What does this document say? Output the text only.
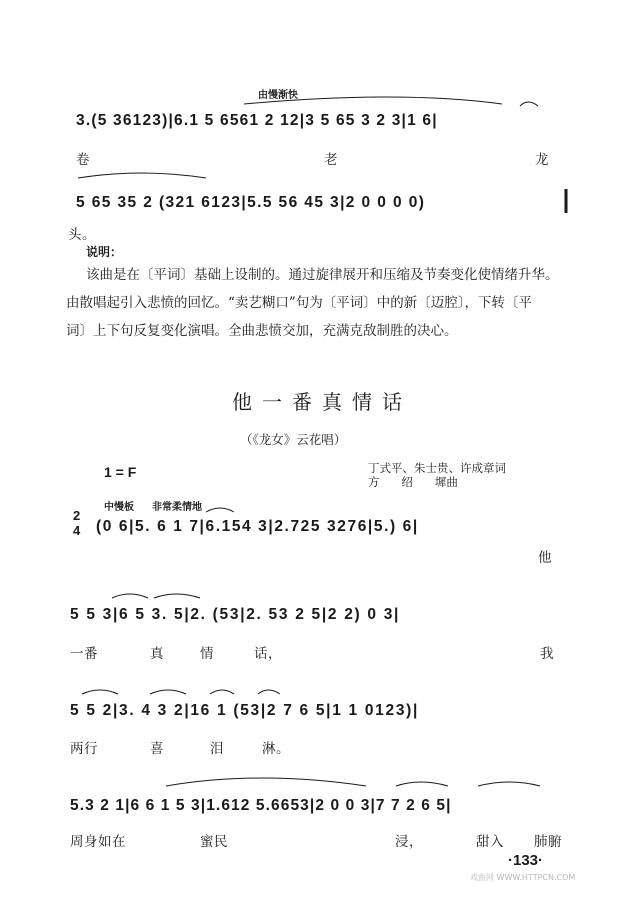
由慢渐快
3.(5 36123)|6.1 5 6561 2 12|3 5 65 3 2 3|1 6|
卷	老	龙
5 65 35 2 (321 6123|5.5 56 45 3|2 0 0 0 0)
头。
说明：
该曲是在〔平词〕基础上设制的。通过旋律展开和压缩及节奏变化使情绪升华。
由散唱起引入悲愤的回忆。“卖艺糊口”句为〔平词〕中的新〔迈腔〕，下转〔平
词〕上下句反复变化演唱。全曲悲愤交加，充满克敌制胜的决心。
他一番真情话
（《龙女》云花唱）
1 = F	丁式平、朱士贵、许成章词
方      绍      墀曲
中慢板 非常柔情地
2
4 (0 6|5. 6 1 7|6.154 3|2.725 3276|5.) 6|
他
5 5 3|6 5 3. 5|2. (53|2. 53 2 5|2 2) 0 3|
一番	真	情	话，	我
5 5 2|3. 4 3 2|16 1 (53|2 7 6 5|1 1 0123)|
两行	喜	泪	淋。
5.3 2 1|6 6 1 5 3|1.612 5.6653|2 0 0 3|7 7 2 6 5|
周身如在	蜜民	浸，	甜入 肺腑
·133·
戏曲网 WWW.HTTPCN.COM
